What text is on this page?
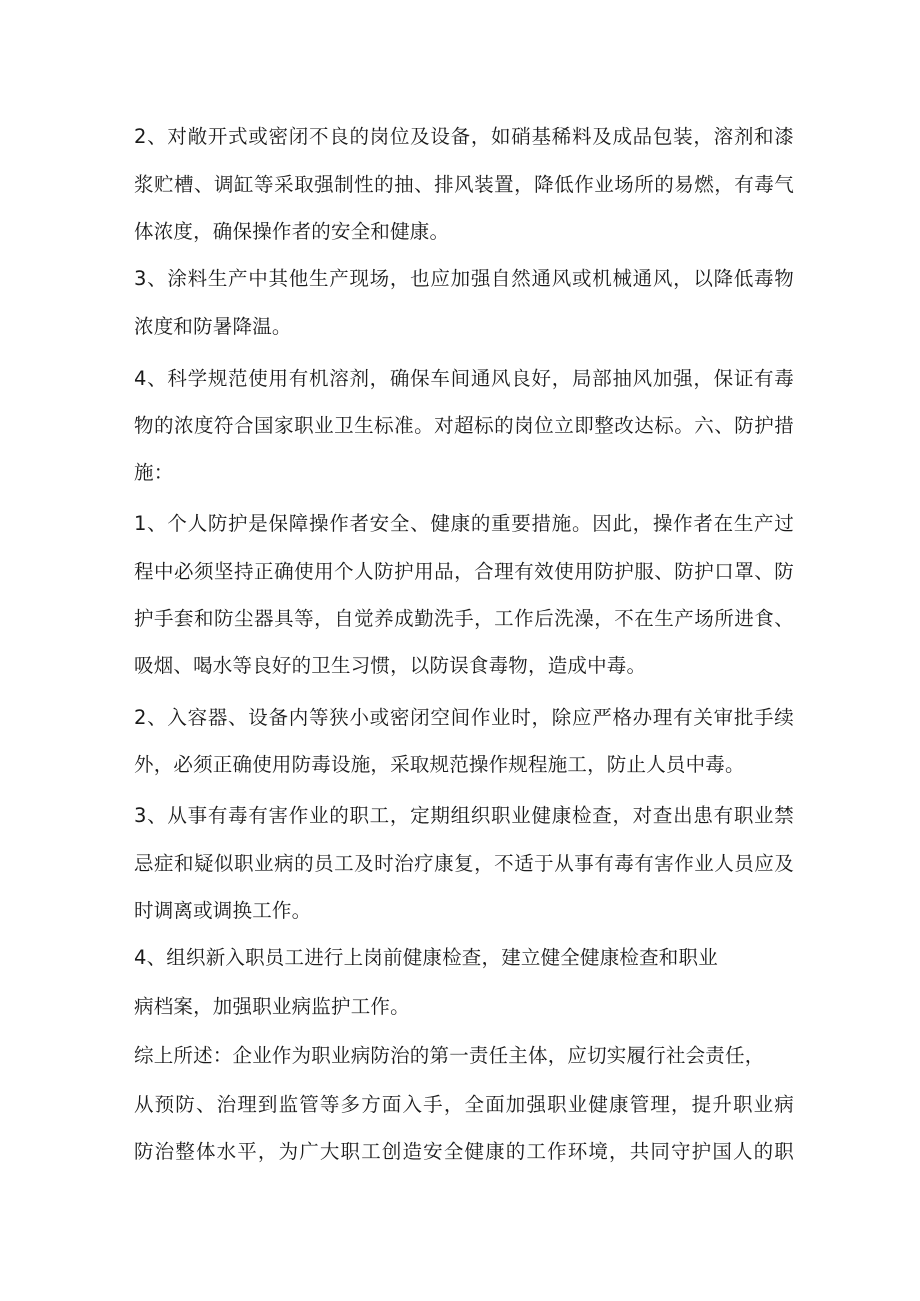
2、对敞开式或密闭不良的岗位及设备，如硝基稀料及成品包装，溶剂和漆
浆贮槽、调缸等采取强制性的抽、排风装置，降低作业场所的易燃，有毒气
体浓度，确保操作者的安全和健康。
3、涂料生产中其他生产现场，也应加强自然通风或机械通风，以降低毒物
浓度和防暑降温。
4、科学规范使用有机溶剂，确保车间通风良好，局部抽风加强，保证有毒
物的浓度符合国家职业卫生标准。对超标的岗位立即整改达标。六、防护措
施：
1、个人防护是保障操作者安全、健康的重要措施。因此，操作者在生产过
程中必须坚持正确使用个人防护用品，合理有效使用防护服、防护口罩、防
护手套和防尘器具等，自觉养成勤洗手，工作后洗澡，不在生产场所进食、
吸烟、喝水等良好的卫生习惯，以防误食毒物，造成中毒。
2、入容器、设备内等狭小或密闭空间作业时，除应严格办理有关审批手续
外，必须正确使用防毒设施，采取规范操作规程施工，防止人员中毒。
3、从事有毒有害作业的职工，定期组织职业健康检查，对查出患有职业禁
忌症和疑似职业病的员工及时治疗康复，不适于从事有毒有害作业人员应及
时调离或调换工作。
4、组织新入职员工进行上岗前健康检查，建立健全健康检查和职业
病档案，加强职业病监护工作。
综上所述：企业作为职业病防治的第一责任主体，应切实履行社会责任，
从预防、治理到监管等多方面入手，全面加强职业健康管理，提升职业病
防治整体水平，为广大职工创造安全健康的工作环境，共同守护国人的职
